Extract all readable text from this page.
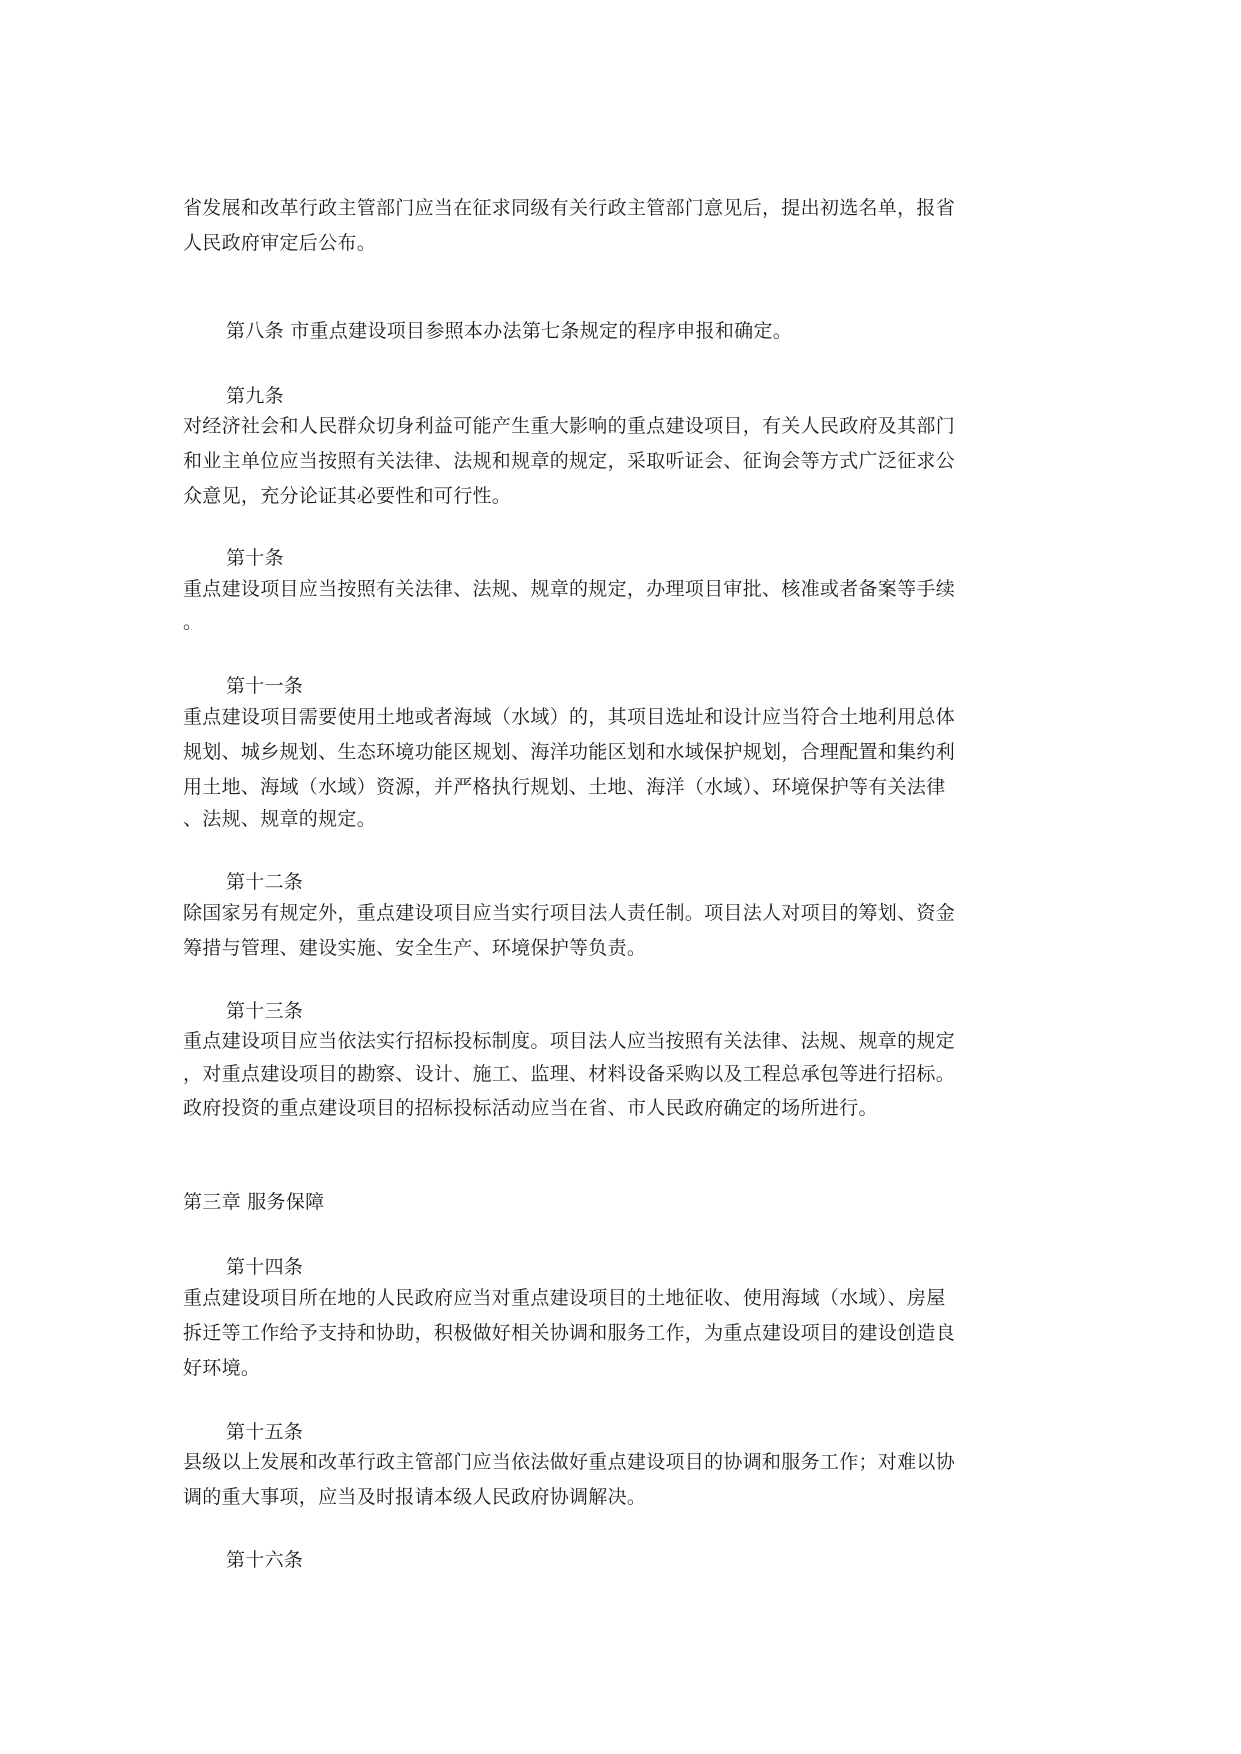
省发展和改革行政主管部门应当在征求同级有关行政主管部门意见后，提出初选名单，报省
人民政府审定后公布。
第八条 市重点建设项目参照本办法第七条规定的程序申报和确定。
第九条
对经济社会和人民群众切身利益可能产生重大影响的重点建设项目，有关人民政府及其部门
和业主单位应当按照有关法律、法规和规章的规定，采取听证会、征询会等方式广泛征求公
众意见，充分论证其必要性和可行性。
第十条
重点建设项目应当按照有关法律、法规、规章的规定，办理项目审批、核准或者备案等手续
。
第十一条
重点建设项目需要使用土地或者海域（水域）的，其项目选址和设计应当符合土地利用总体
规划、城乡规划、生态环境功能区规划、海洋功能区划和水域保护规划，合理配置和集约利
用土地、海域（水域）资源，并严格执行规划、土地、海洋（水域）、环境保护等有关法律
、法规、规章的规定。
第十二条
除国家另有规定外，重点建设项目应当实行项目法人责任制。项目法人对项目的筹划、资金
筹措与管理、建设实施、安全生产、环境保护等负责。
第十三条
重点建设项目应当依法实行招标投标制度。项目法人应当按照有关法律、法规、规章的规定
，对重点建设项目的勘察、设计、施工、监理、材料设备采购以及工程总承包等进行招标。
政府投资的重点建设项目的招标投标活动应当在省、市人民政府确定的场所进行。
第三章 服务保障
第十四条
重点建设项目所在地的人民政府应当对重点建设项目的土地征收、使用海域（水域）、房屋
拆迁等工作给予支持和协助，积极做好相关协调和服务工作，为重点建设项目的建设创造良
好环境。
第十五条
县级以上发展和改革行政主管部门应当依法做好重点建设项目的协调和服务工作；对难以协
调的重大事项，应当及时报请本级人民政府协调解决。
第十六条
